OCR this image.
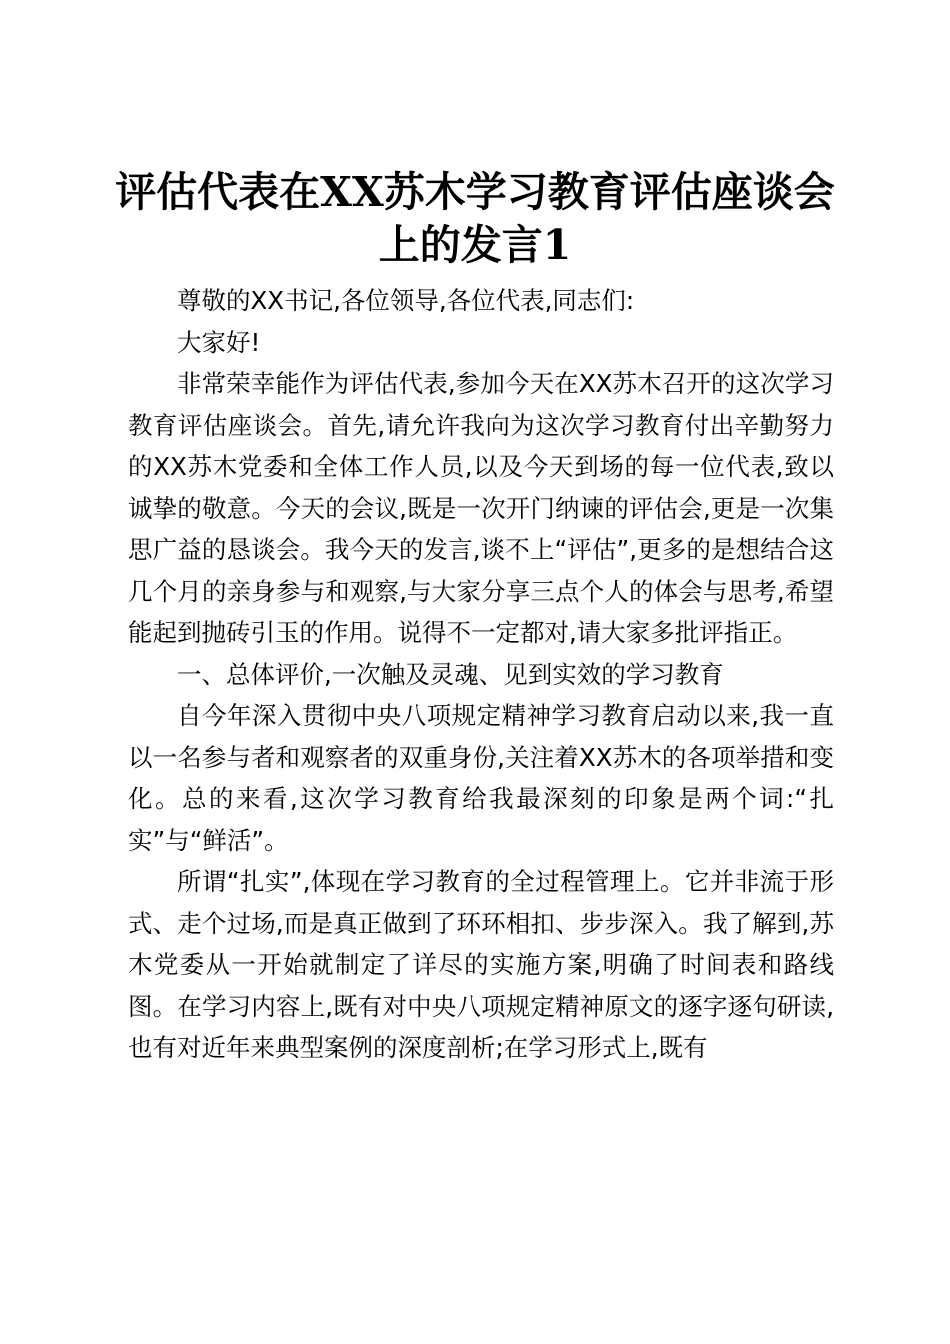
评估代表在XX苏木学习教育评估座谈会上的发言1

尊敬的XX书记,各位领导,各位代表,同志们:

大家好!

非常荣幸能作为评估代表,参加今天在XX苏木召开的这次学习教育评估座谈会。首先,请允许我向为这次学习教育付出辛勤努力的XX苏木党委和全体工作人员,以及今天到场的每一位代表,致以诚挚的敬意。今天的会议,既是一次开门纳谏的评估会,更是一次集思广益的恳谈会。我今天的发言,谈不上“评估”,更多的是想结合这几个月的亲身参与和观察,与大家分享三点个人的体会与思考,希望能起到抛砖引玉的作用。说得不一定都对,请大家多批评指正。

一、总体评价,一次触及灵魂、见到实效的学习教育

自今年深入贯彻中央八项规定精神学习教育启动以来,我一直以一名参与者和观察者的双重身份,关注着XX苏木的各项举措和变化。总的来看,这次学习教育给我最深刻的印象是两个词:“扎实”与“鲜活”。

所谓“扎实”,体现在学习教育的全过程管理上。它并非流于形式、走个过场,而是真正做到了环环相扣、步步深入。我了解到,苏木党委从一开始就制定了详尽的实施方案,明确了时间表和路线图。在学习内容上,既有对中央八项规定精神原文的逐字逐句研读,也有对近年来典型案例的深度剖析;在学习形式上,既有
